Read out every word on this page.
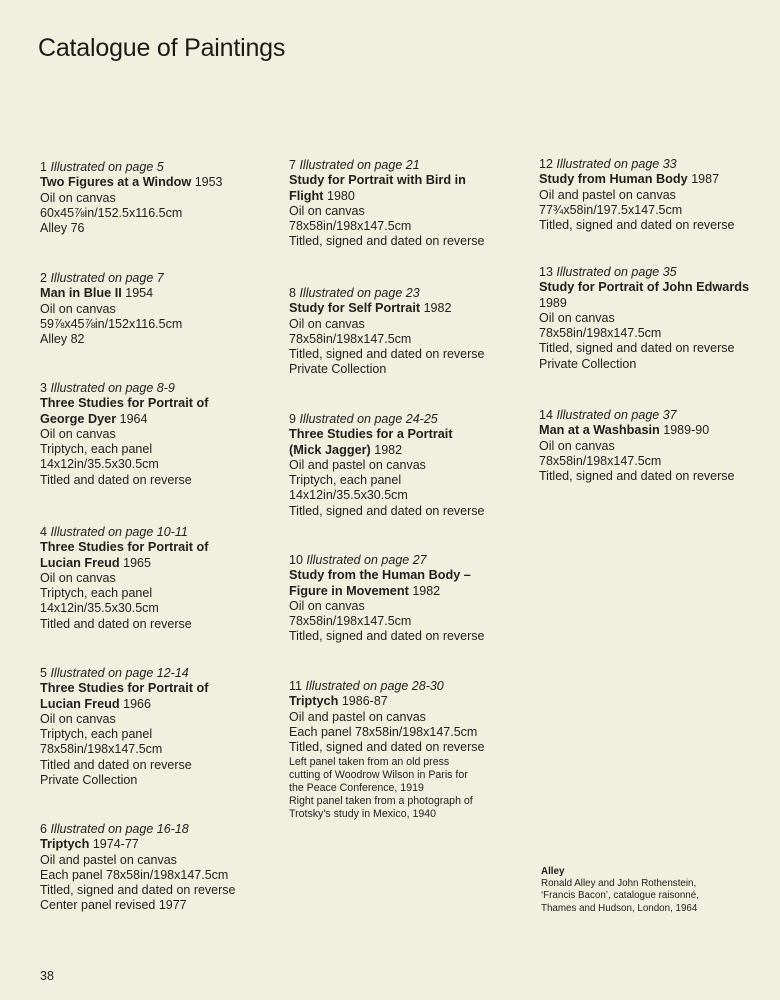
Catalogue of Paintings
1 Illustrated on page 5
Two Figures at a Window 1953
Oil on canvas
60x45⅞in/152.5x116.5cm
Alley 76
2 Illustrated on page 7
Man in Blue II 1954
Oil on canvas
59⅞x45⅞in/152x116.5cm
Alley 82
3 Illustrated on page 8-9
Three Studies for Portrait of
George Dyer 1964
Oil on canvas
Triptych, each panel
14x12in/35.5x30.5cm
Titled and dated on reverse
4 Illustrated on page 10-11
Three Studies for Portrait of
Lucian Freud 1965
Oil on canvas
Triptych, each panel
14x12in/35.5x30.5cm
Titled and dated on reverse
5 Illustrated on page 12-14
Three Studies for Portrait of
Lucian Freud 1966
Oil on canvas
Triptych, each panel
78x58in/198x147.5cm
Titled and dated on reverse
Private Collection
6 Illustrated on page 16-18
Triptych 1974-77
Oil and pastel on canvas
Each panel 78x58in/198x147.5cm
Titled, signed and dated on reverse
Center panel revised 1977
7 Illustrated on page 21
Study for Portrait with Bird in
Flight 1980
Oil on canvas
78x58in/198x147.5cm
Titled, signed and dated on reverse
8 Illustrated on page 23
Study for Self Portrait 1982
Oil on canvas
78x58in/198x147.5cm
Titled, signed and dated on reverse
Private Collection
9 Illustrated on page 24-25
Three Studies for a Portrait
(Mick Jagger) 1982
Oil and pastel on canvas
Triptych, each panel
14x12in/35.5x30.5cm
Titled, signed and dated on reverse
10 Illustrated on page 27
Study from the Human Body –
Figure in Movement 1982
Oil on canvas
78x58in/198x147.5cm
Titled, signed and dated on reverse
11 Illustrated on page 28-30
Triptych 1986-87
Oil and pastel on canvas
Each panel 78x58in/198x147.5cm
Titled, signed and dated on reverse
Left panel taken from an old press
cutting of Woodrow Wilson in Paris for
the Peace Conference, 1919
Right panel taken from a photograph of
Trotsky's study in Mexico, 1940
12 Illustrated on page 33
Study from Human Body 1987
Oil and pastel on canvas
77¾x58in/197.5x147.5cm
Titled, signed and dated on reverse
13 Illustrated on page 35
Study for Portrait of John Edwards
1989
Oil on canvas
78x58in/198x147.5cm
Titled, signed and dated on reverse
Private Collection
14 Illustrated on page 37
Man at a Washbasin 1989-90
Oil on canvas
78x58in/198x147.5cm
Titled, signed and dated on reverse
Alley
Ronald Alley and John Rothenstein,
‘Francis Bacon’, catalogue raisonné,
Thames and Hudson, London, 1964
38
